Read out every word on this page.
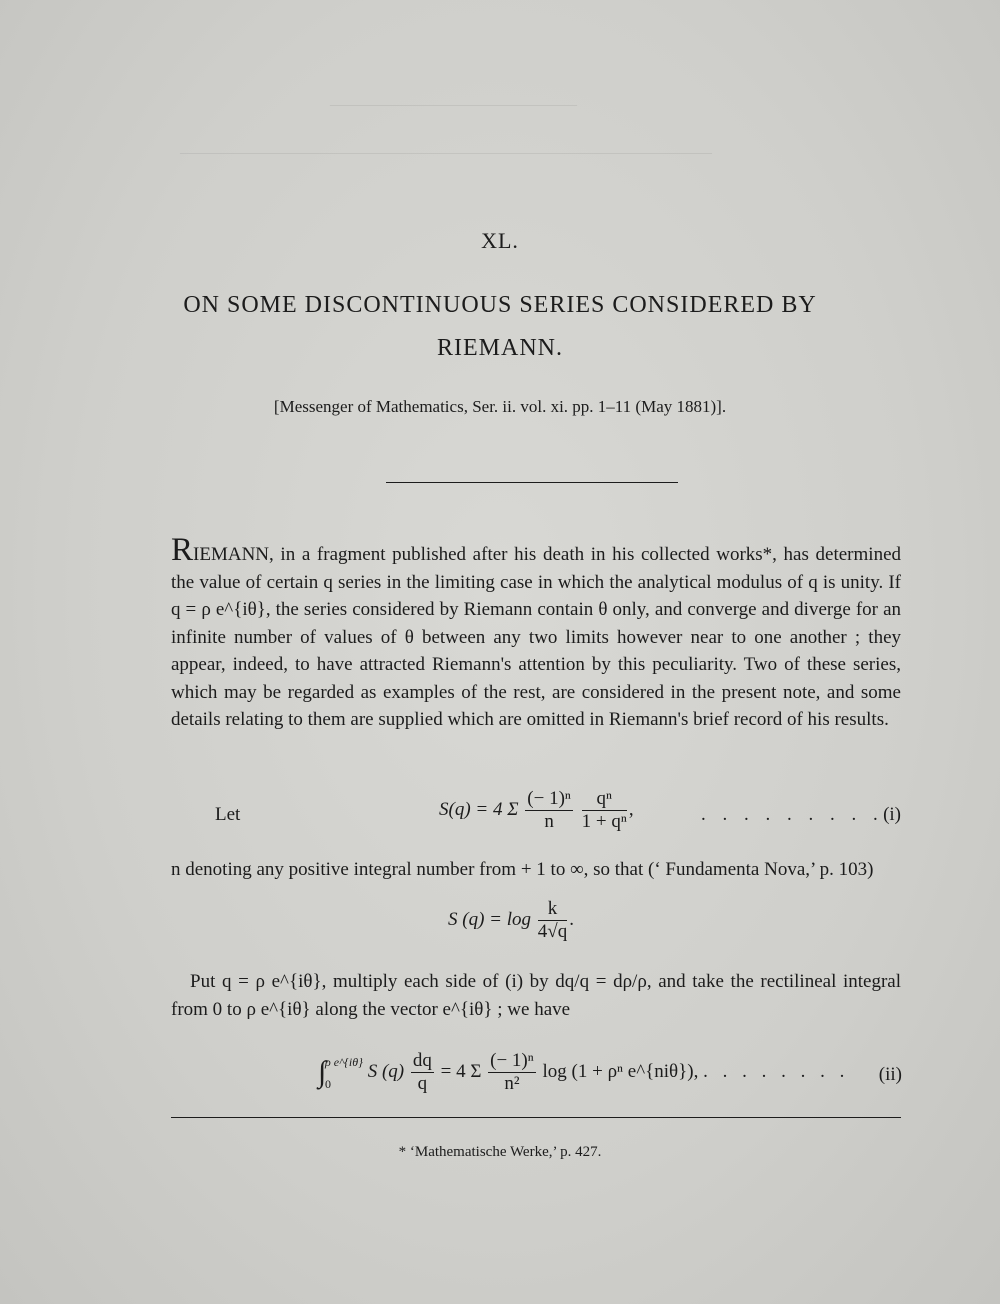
—————————————
————————————————————————————
XL.
ON SOME DISCONTINUOUS SERIES CONSIDERED BY
RIEMANN.
[Messenger of Mathematics, Ser. ii. vol. xi. pp. 1–11 (May 1881)].
RIEMANN, in a fragment published after his death in his collected works*, has determined the value of certain q series in the limiting case in which the analytical modulus of q is unity. If q = ρ e^{iθ}, the series considered by Riemann contain θ only, and converge and diverge for an infinite number of values of θ between any two limits however near to one another ; they appear, indeed, to have attracted Riemann's attention by this peculiarity. Two of these series, which may be regarded as examples of the rest, are considered in the present note, and some details relating to them are supplied which are omitted in Riemann's brief record of his results.
Let	S(q) = 4 Σ $\frac{\text{(− 1)ⁿ}}{n}$
$\frac{\text{qⁿ}}{\text{1 + qⁿ}}$ ,	. . . . . . . . . (i)
n denoting any positive integral number from + 1 to ∞, so that (‘ Fundamenta Nova,’ p. 103)
S $(q) = \log \frac{k}{4√q}$ .
 Put q = ρ e^{iθ}, multiply each side of (i) by dq/q = dρ/ρ, and take the rectilineal integral from 0 to ρ e^{iθ} along the vector e^{iθ} ; we have
∫ ρ e^{iθ}
0 S $(q) \frac{dq}{q} = 4$ Σ $\frac{\text{(− 1)ⁿ}}{\text{n²}}$ log (1 + ρⁿ e^{niθ}), . . . . . . . . (ii)
* ‘Mathematische Werke,’ p. 427.
